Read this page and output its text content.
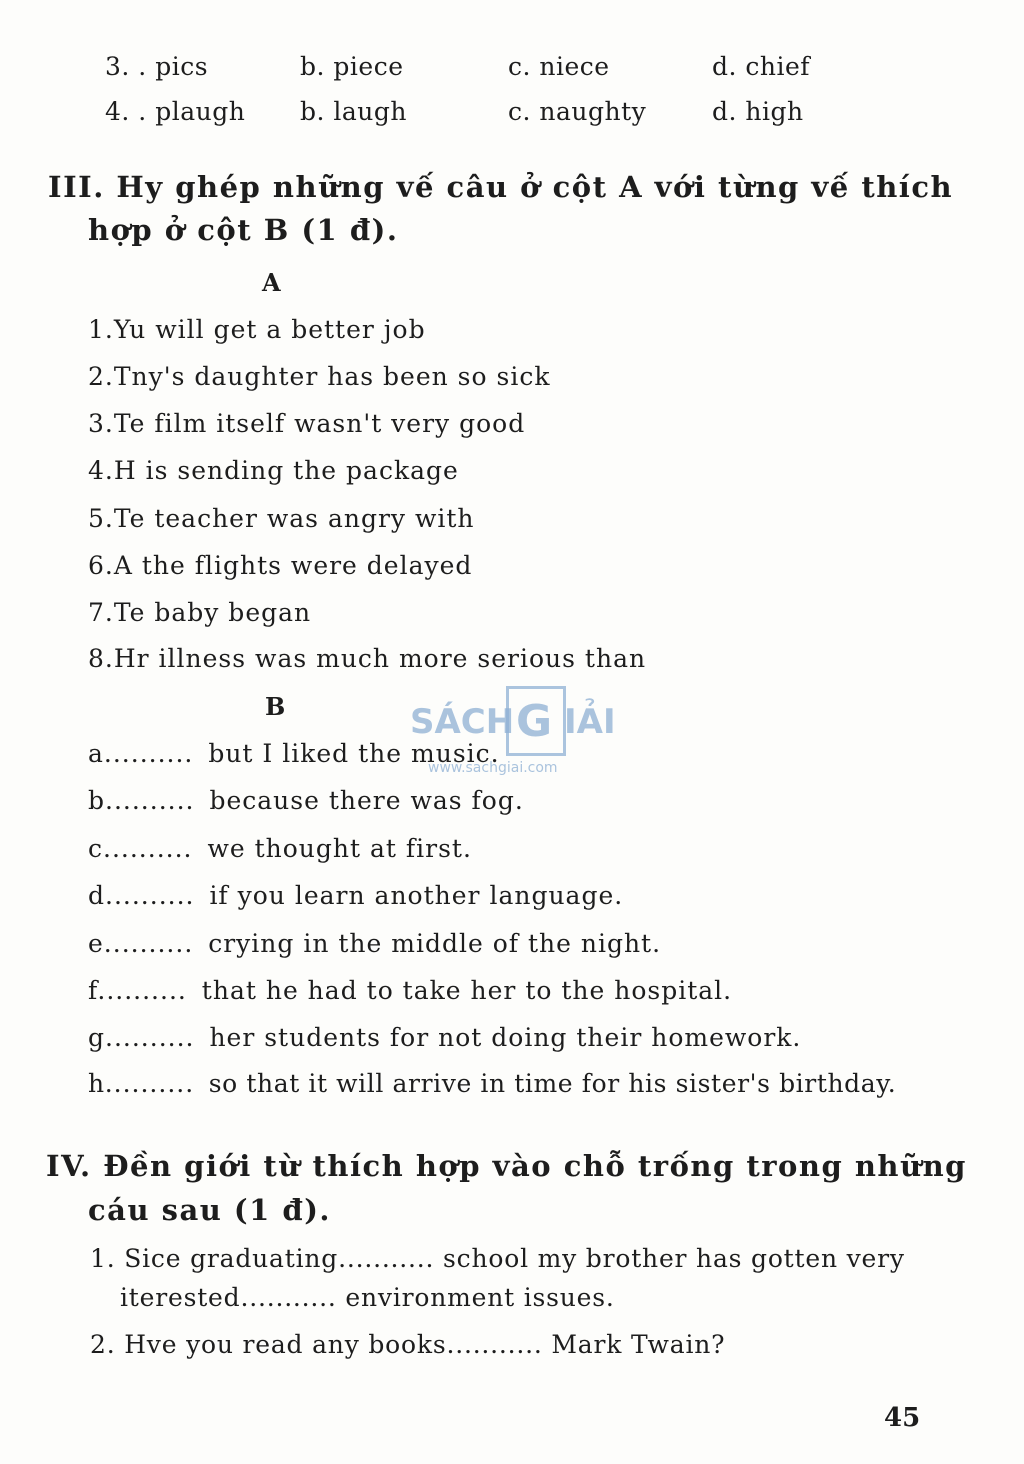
3. . pics	b. piece	c. niece	d. chief
4. . plaugh b. laugh	c. naughty	d. high
III. Hy ghép những vế câu ở cột A với từng vế thích
hợp ở cột B (1 đ).
A
1.Yu will get a better job
2.Tny's daughter has been so sick
3.Te film itself wasn't very good
4.H is sending the package
5.Te teacher was angry with
6.A the flights were delayed
7.Te baby began
8.Hr illness was much more serious than
B
a.......... but I liked the music.
b.......... because there was fog.
c.......... we thought at first.
d.......... if you learn another language.
e.......... crying in the middle of the night.
f.......... that he had to take her to the hospital.
g.......... her students for not doing their homework.
h.......... so that it will arrive in time for his sister's birthday.
SÁCH G IẢI
www.sachgiai.com
IV. Đền giới từ thích hợp vào chỗ trống trong những
cáu sau (1 đ).
1. Sice graduating........... school my brother has gotten very
iterested........... environment issues.
2. Hve you read any books........... Mark Twain?
45
